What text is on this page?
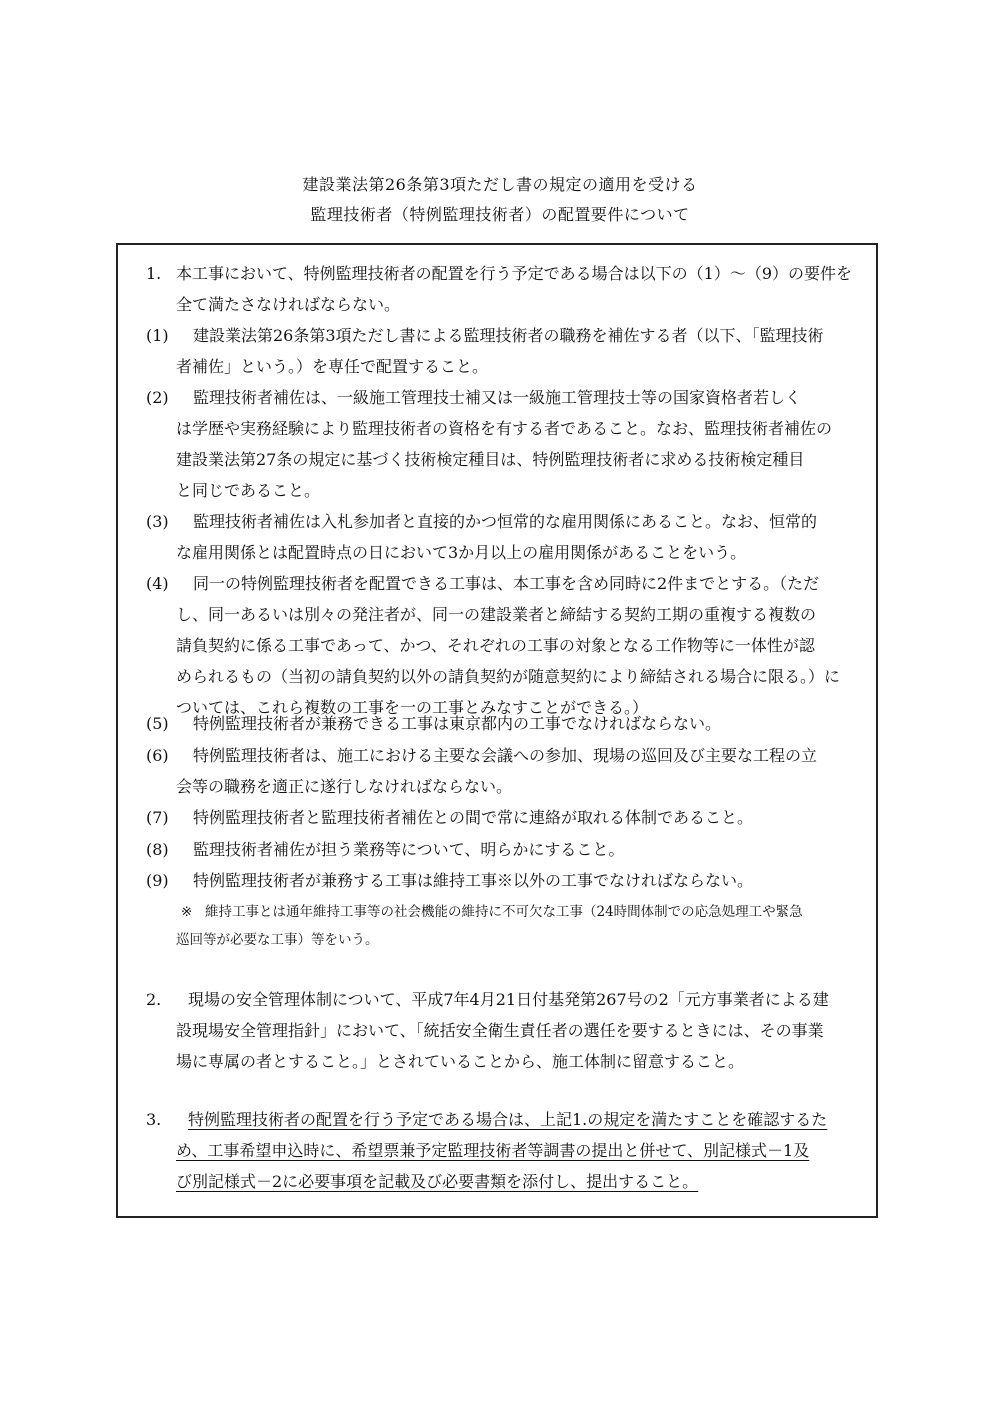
建設業法第26条第3項ただし書の規定の適用を受ける
監理技術者（特例監理技術者）の配置要件について
1. 本工事において、特例監理技術者の配置を行う予定である場合は以下の（1）～（9）の要件を
全て満たさなければならない。
(1) 建設業法第26条第3項ただし書による監理技術者の職務を補佐する者（以下、「監理技術
者補佐」という。）を専任で配置すること。
(2) 監理技術者補佐は、一級施工管理技士補又は一級施工管理技士等の国家資格者若しく
は学歴や実務経験により監理技術者の資格を有する者であること。なお、監理技術者補佐の
建設業法第27条の規定に基づく技術検定種目は、特例監理技術者に求める技術検定種目
と同じであること。
(3) 監理技術者補佐は入札参加者と直接的かつ恒常的な雇用関係にあること。なお、恒常的
な雇用関係とは配置時点の日において3か月以上の雇用関係があることをいう。
(4) 同一の特例監理技術者を配置できる工事は、本工事を含め同時に2件までとする。（ただ
し、同一あるいは別々の発注者が、同一の建設業者と締結する契約工期の重複する複数の
請負契約に係る工事であって、かつ、それぞれの工事の対象となる工作物等に一体性が認
められるもの（当初の請負契約以外の請負契約が随意契約により締結される場合に限る。）に
ついては、これら複数の工事を一の工事とみなすことができる。）
(5) 特例監理技術者が兼務できる工事は東京都内の工事でなければならない。
(6) 特例監理技術者は、施工における主要な会議への参加、現場の巡回及び主要な工程の立
会等の職務を適正に遂行しなければならない。
(7) 特例監理技術者と監理技術者補佐との間で常に連絡が取れる体制であること。
(8) 監理技術者補佐が担う業務等について、明らかにすること。
(9) 特例監理技術者が兼務する工事は維持工事※以外の工事でなければならない。
※ 維持工事とは通年維持工事等の社会機能の維持に不可欠な工事（24時間体制での応急処理工や緊急
巡回等が必要な工事）等をいう。
2. 現場の安全管理体制について、平成7年4月21日付基発第267号の2「元方事業者による建
設現場安全管理指針」において、「統括安全衛生責任者の選任を要するときには、その事業
場に専属の者とすること。」とされていることから、施工体制に留意すること。
3. 特例監理技術者の配置を行う予定である場合は、上記1.の規定を満たすことを確認するた
め、工事希望申込時に、希望票兼予定監理技術者等調書の提出と併せて、別記様式－1及
び別記様式－2に必要事項を記載及び必要書類を添付し、提出すること。
